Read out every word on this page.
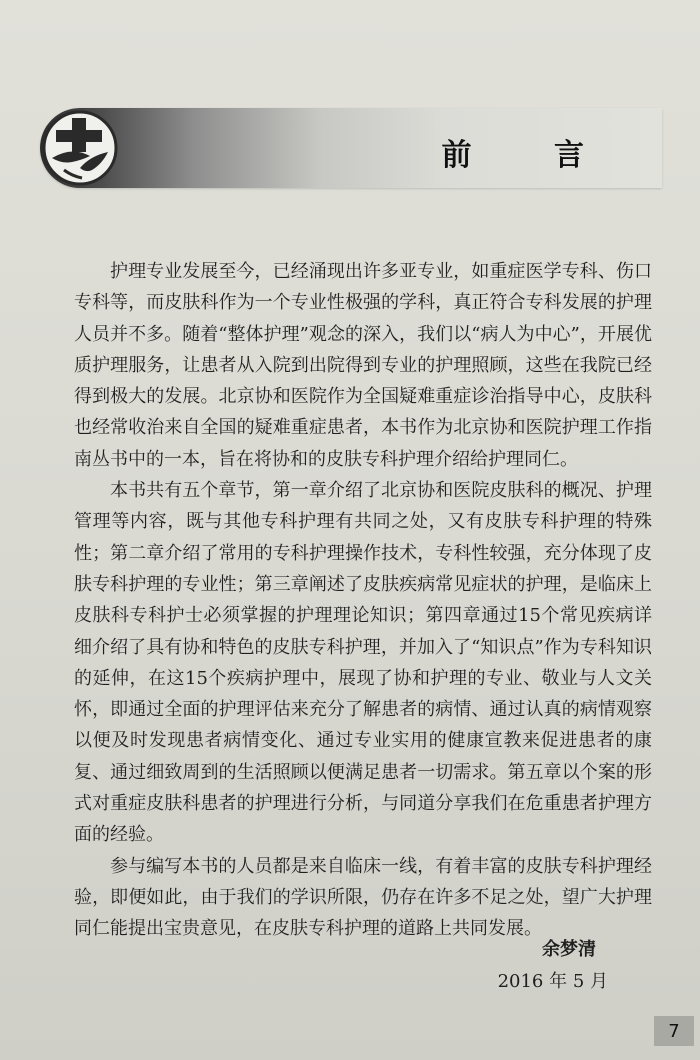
前 言

护理专业发展至今，已经涌现出许多亚专业，如重症医学专科、伤口专科等，而皮肤科作为一个专业性极强的学科，真正符合专科发展的护理人员并不多。随着“整体护理”观念的深入，我们以“病人为中心”，开展优质护理服务，让患者从入院到出院得到专业的护理照顾，这些在我院已经得到极大的发展。北京协和医院作为全国疑难重症诊治指导中心，皮肤科也经常收治来自全国的疑难重症患者，本书作为北京协和医院护理工作指南丛书中的一本，旨在将协和的皮肤专科护理介绍给护理同仁。

本书共有五个章节，第一章介绍了北京协和医院皮肤科的概况、护理管理等内容，既与其他专科护理有共同之处，又有皮肤专科护理的特殊性；第二章介绍了常用的专科护理操作技术，专科性较强，充分体现了皮肤专科护理的专业性；第三章阐述了皮肤疾病常见症状的护理，是临床上皮肤科专科护士必须掌握的护理理论知识；第四章通过15个常见疾病详细介绍了具有协和特色的皮肤专科护理，并加入了“知识点”作为专科知识的延伸，在这15个疾病护理中，展现了协和护理的专业、敬业与人文关怀，即通过全面的护理评估来充分了解患者的病情、通过认真的病情观察以便及时发现患者病情变化、通过专业实用的健康宣教来促进患者的康复、通过细致周到的生活照顾以便满足患者一切需求。第五章以个案的形式对重症皮肤科患者的护理进行分析，与同道分享我们在危重患者护理方面的经验。

参与编写本书的人员都是来自临床一线，有着丰富的皮肤专科护理经验，即便如此，由于我们的学识所限，仍存在许多不足之处，望广大护理同仁能提出宝贵意见，在皮肤专科护理的道路上共同发展。

余梦清
2016 年 5 月
7
